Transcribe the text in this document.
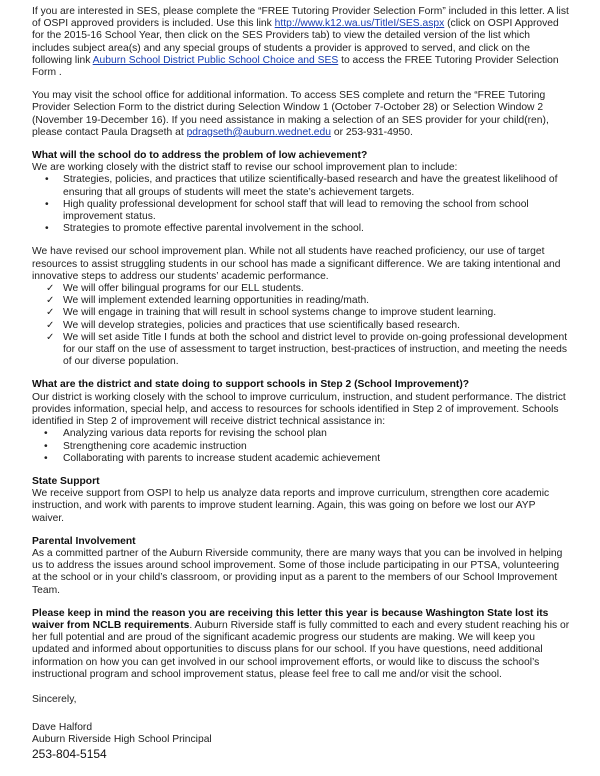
If you are interested in SES, please complete the “FREE Tutoring Provider Selection Form” included in this letter. A list of OSPI approved providers is included. Use this link http://www.k12.wa.us/TitleI/SES.aspx (click on OSPI Approved for the 2015-16 School Year, then click on the SES Providers tab) to view the detailed version of the list which includes subject area(s) and any special groups of students a provider is approved to served, and click on the following link Auburn School District Public School Choice and SES to access the FREE Tutoring Provider Selection Form .

You may visit the school office for additional information. To access SES complete and return the “FREE Tutoring Provider Selection Form to the district during Selection Window 1 (October 7-October 28) or Selection Window 2 (November 19-December 16). If you need assistance in making a selection of an SES provider for your child(ren), please contact Paula Dragseth at pdragseth@auburn.wednet.edu or 253-931-4950.

What will the school do to address the problem of low achievement?

We are working closely with the district staff to revise our school improvement plan to include:

• Strategies, policies, and practices that utilize scientifically-based research and have the greatest likelihood of ensuring that all groups of students will meet the state’s achievement targets.
• High quality professional development for school staff that will lead to removing the school from school improvement status.
• Strategies to promote effective parental involvement in the school.

We have revised our school improvement plan. While not all students have reached proficiency, our use of target resources to assist struggling students in our school has made a significant difference. We are taking intentional and innovative steps to address our students’ academic performance.

✓ We will offer bilingual programs for our ELL students.
✓ We will implement extended learning opportunities in reading/math.
✓ We will engage in training that will result in school systems change to improve student learning.
✓ We will develop strategies, policies and practices that use scientifically based research.
✓ We will set aside Title I funds at both the school and district level to provide on-going professional development for our staff on the use of assessment to target instruction, best-practices of instruction, and meeting the needs of our diverse population.

What are the district and state doing to support schools in Step 2 (School Improvement)?

Our district is working closely with the school to improve curriculum, instruction, and student performance. The district provides information, special help, and access to resources for schools identified in Step 2 of improvement. Schools identified in Step 2 of improvement will receive district technical assistance in:

• Analyzing various data reports for revising the school plan
• Strengthening core academic instruction
• Collaborating with parents to increase student academic achievement

State Support

We receive support from OSPI to help us analyze data reports and improve curriculum, strengthen core academic instruction, and work with parents to improve student learning. Again, this was going on before we lost our AYP waiver.

Parental Involvement

As a committed partner of the Auburn Riverside community, there are many ways that you can be involved in helping us to address the issues around school improvement. Some of those include participating in our PTSA, volunteering at the school or in your child’s classroom, or providing input as a parent to the members of our School Improvement Team.

Please keep in mind the reason you are receiving this letter this year is because Washington State lost its waiver from NCLB requirements. Auburn Riverside staff is fully committed to each and every student reaching his or her full potential and are proud of the significant academic progress our students are making. We will keep you updated and informed about opportunities to discuss plans for our school. If you have questions, need additional information on how you can get involved in our school improvement efforts, or would like to discuss the school’s instructional program and school improvement status, please feel free to call me and/or visit the school.

Sincerely,

Dave Halford

Auburn Riverside High School Principal

253-804-5154
